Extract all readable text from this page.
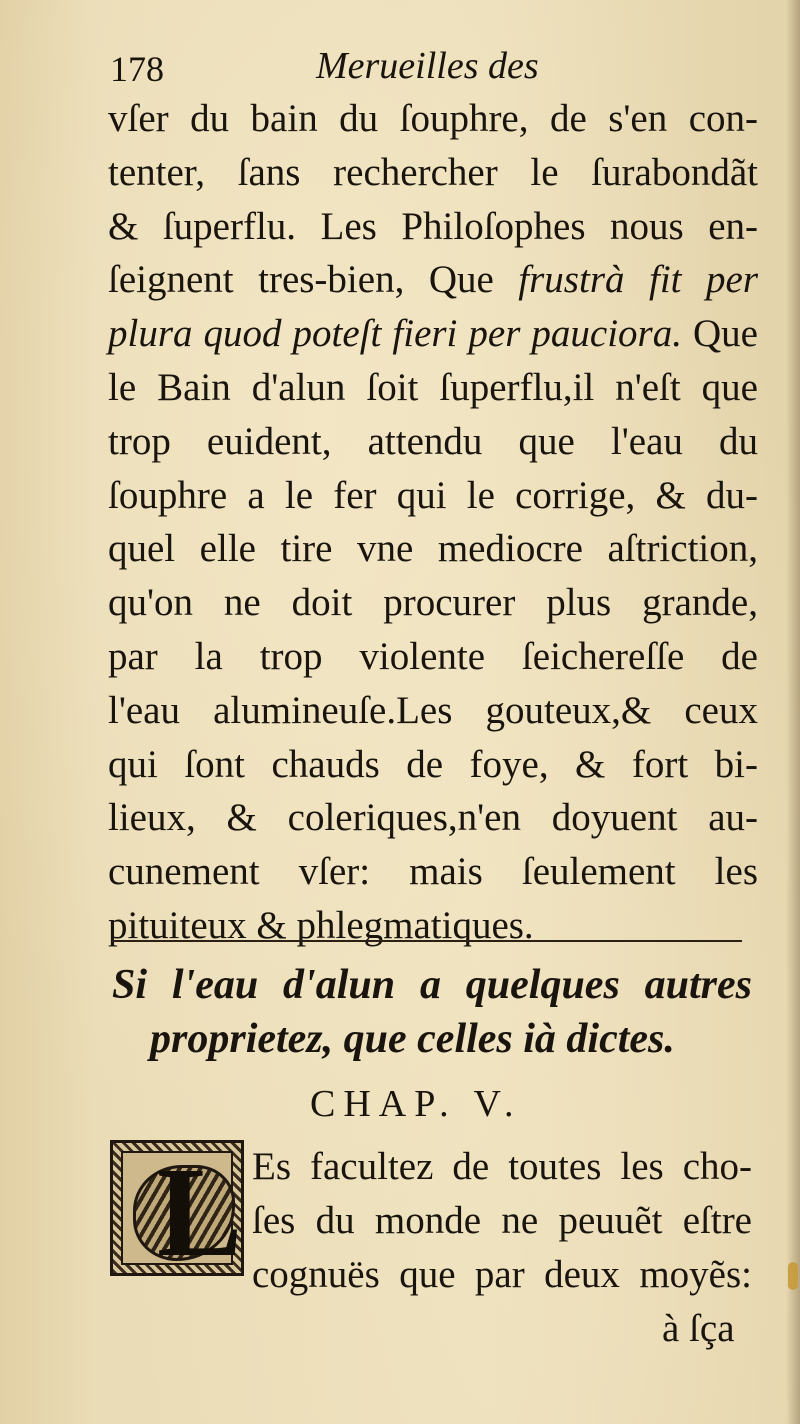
178	Merueilles des
vſer du bain du ſouphre, de s'en con-
tenter, ſans rechercher le ſurabondãt
& ſuperflu. Les Philoſophes nous en-
ſeignent tres-bien, Que frustrà fit per
plura quod poteſt fieri per pauciora. Que
le Bain d'alun ſoit ſuperflu,il n'eſt que
trop euident, attendu que l'eau du
ſouphre a le fer qui le corrige, & du-
quel elle tire vne mediocre aſtriction,
qu'on ne doit procurer plus grande,
par la trop violente ſeichereſſe de
l'eau alumineuſe.Les gouteux,& ceux
qui ſont chauds de foye, & fort bi-
lieux, & coleriques,n'en doyuent au-
cunement vſer: mais ſeulement les
pituiteux & phlegmatiques.
Si l'eau d'alun a quelques autres
proprietez, que celles ià dictes.
CHAP. V.
L Es facultez de toutes les cho-
ſes du monde ne peuuẽt eſtre
cognuës que par deux moyẽs:
à ſça
